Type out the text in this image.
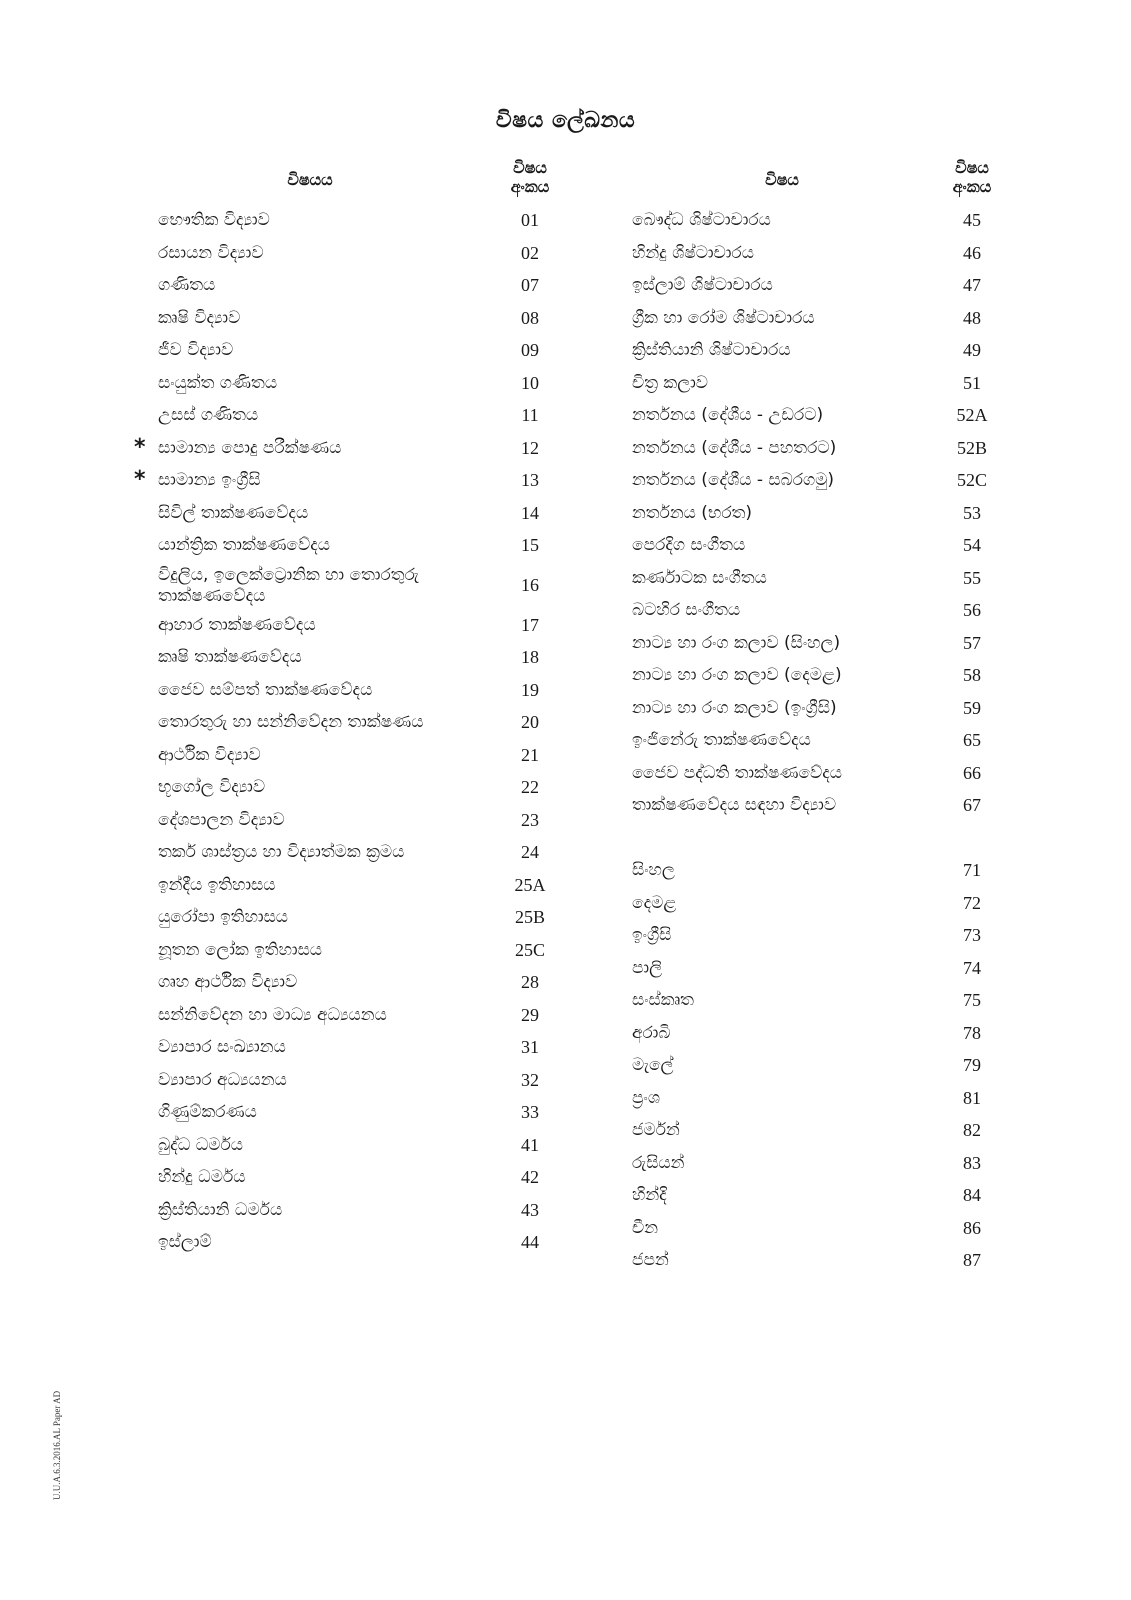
විෂය ලේඛනය
විෂයය
විෂය
අංකය
භෞතික විද්‍යාව	01
රසායන විද්‍යාව	02
ගණිතය	07
කෘෂි විද්‍යාව	08
ජීව විද්‍යාව	09
සංයුක්ත ගණිතය	10
උසස් ගණිතය	11
* සාමාන්‍ය පොදු පරීක්ෂණය	12
* සාමාන්‍ය ඉංග්‍රීසි	13
සිවිල් තාක්ෂණවේදය	14
යාන්ත්‍රික තාක්ෂණවේදය	15
විදුලිය, ඉලෙක්ට්‍රොනික හා තොරතුරු තාක්ෂණවේදය
16
ආහාර තාක්ෂණවේදය	17
කෘෂි තාක්ෂණවේදය	18
ජෛව සම්පත් තාක්ෂණවේදය	19
තොරතුරු හා සන්නිවේදන තාක්ෂණය	20
ආර්ථික විද්‍යාව	21
භූගෝල විද්‍යාව	22
දේශපාලන විද්‍යාව	23
තර්ක ශාස්ත්‍රය හා විද්‍යාත්මක ක්‍රමය	24
ඉන්දීය ඉතිහාසය	25A
යුරෝපා ඉතිහාසය	25B
නූතන ලෝක ඉතිහාසය	25C
ගෘහ ආර්ථික විද්‍යාව	28
සන්නිවේදන හා මාධ්‍ය අධ්‍යයනය	29
ව්‍යාපාර සංඛ්‍යානය	31
ව්‍යාපාර අධ්‍යයනය	32
ගිණුම්කරණය	33
බුද්ධ ධර්මය	41
හින්දු ධර්මය	42
ක්‍රිස්තියානි ධර්මය	43
ඉස්ලාම්	44
විෂය
විෂය
අංකය
බෞද්ධ ශිෂ්ටාචාරය	45
හින්දු ශිෂ්ටාචාරය	46
ඉස්ලාම් ශිෂ්ටාචාරය	47
ග්‍රීක හා රෝම ශිෂ්ටාචාරය	48
ක්‍රිස්තියානි ශිෂ්ටාචාරය	49
චිත්‍ර කලාව	51
නර්තනය (දේශීය - උඩරට)	52A
නර්තනය (දේශීය - පහතරට)	52B
නර්තනය (දේශීය - සබරගමු)	52C
නර්තනය (භරත)	53
පෙරදිග සංගීතය	54
කර්ණාටක සංගීතය	55
බටහිර සංගීතය	56
නාට්‍ය හා රංග කලාව (සිංහල)	57
නාට්‍ය හා රංග කලාව (දෙමළ)	58
නාට්‍ය හා රංග කලාව (ඉංග්‍රීසි)	59
ඉංජිනේරු තාක්ෂණවේදය	65
ජෛව පද්ධති තාක්ෂණවේදය	66
තාක්ෂණවේදය සඳහා විද්‍යාව	67
සිංහල	71
දෙමළ	72
ඉංග්‍රීසි	73
පාලි	74
සංස්කෘත	75
අරාබි	78
මැලේ	79
ප්‍රංශ	81
ජර්මන්	82
රුසියන්	83
හින්දි	84
චීන	86
ජපන්	87
U.U.A.6.3.2016.AL Paper AD
